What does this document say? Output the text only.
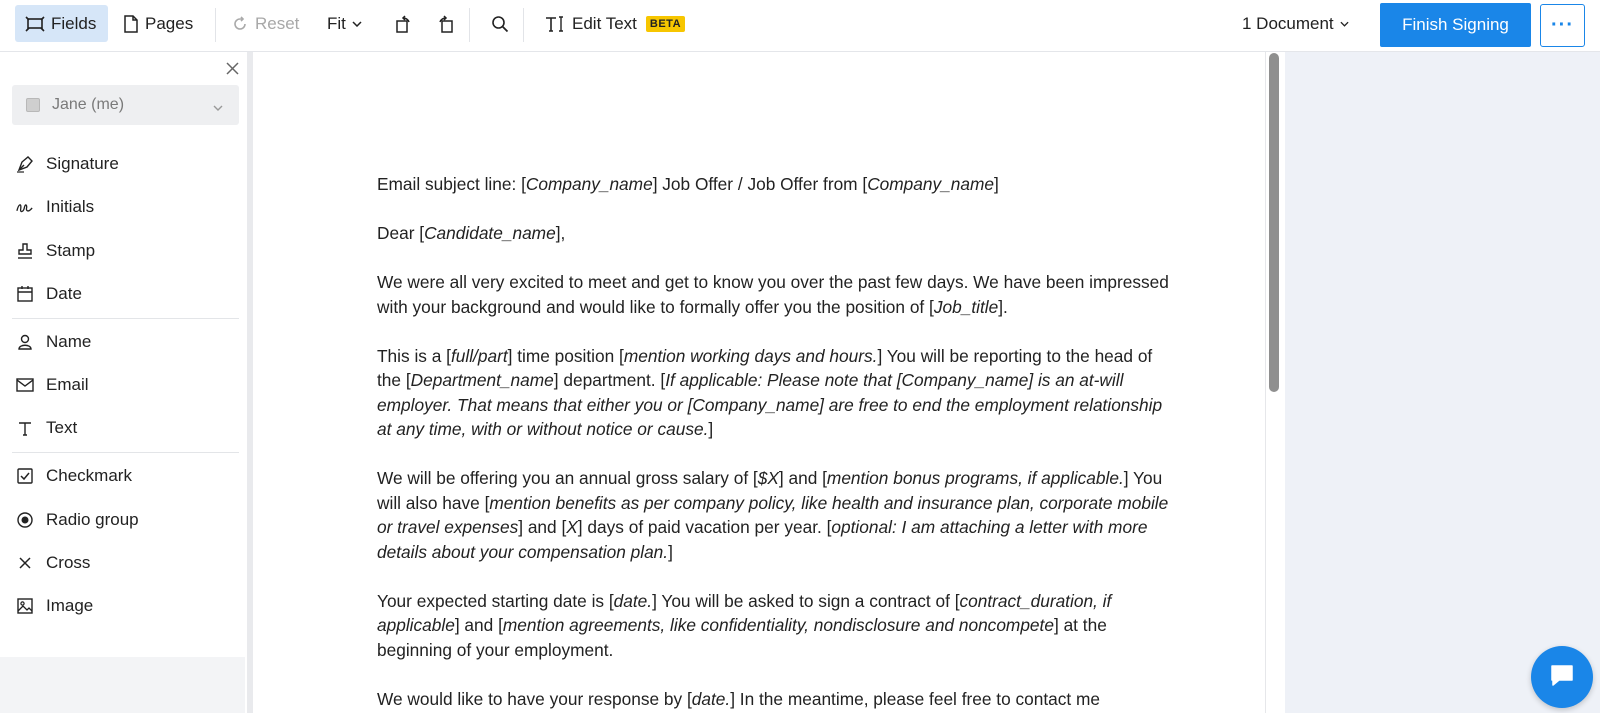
Fields	Pages	Reset Fit	Edit Text	BETA	1 Document	Finish Signing	···
Jane (me)
Signature
Initials
Stamp
Date
Name
Email
Text
Checkmark
Radio group
Cross
Image

Email subject line: [Company_name] Job Offer / Job Offer from [Company_name]

Dear [Candidate_name],

We were all very excited to meet and get to know you over the past few days. We have been impressed with your background and would like to formally offer you the position of [Job_title].

This is a [full/part] time position [mention working days and hours.] You will be reporting to the head of the [Department_name] department. [If applicable: Please note that [Company_name] is an at-will employer. That means that either you or [Company_name] are free to end the employment relationship at any time, with or without notice or cause.]

We will be offering you an annual gross salary of [$X] and [mention bonus programs, if applicable.] You will also have [mention benefits as per company policy, like health and insurance plan, corporate mobile or travel expenses] and [X] days of paid vacation per year. [optional: I am attaching a letter with more details about your compensation plan.]

Your expected starting date is [date.] You will be asked to sign a contract of [contract_duration, if applicable] and [mention agreements, like confidentiality, nondisclosure and noncompete] at the beginning of your employment.

We would like to have your response by [date.] In the meantime, please feel free to contact me
